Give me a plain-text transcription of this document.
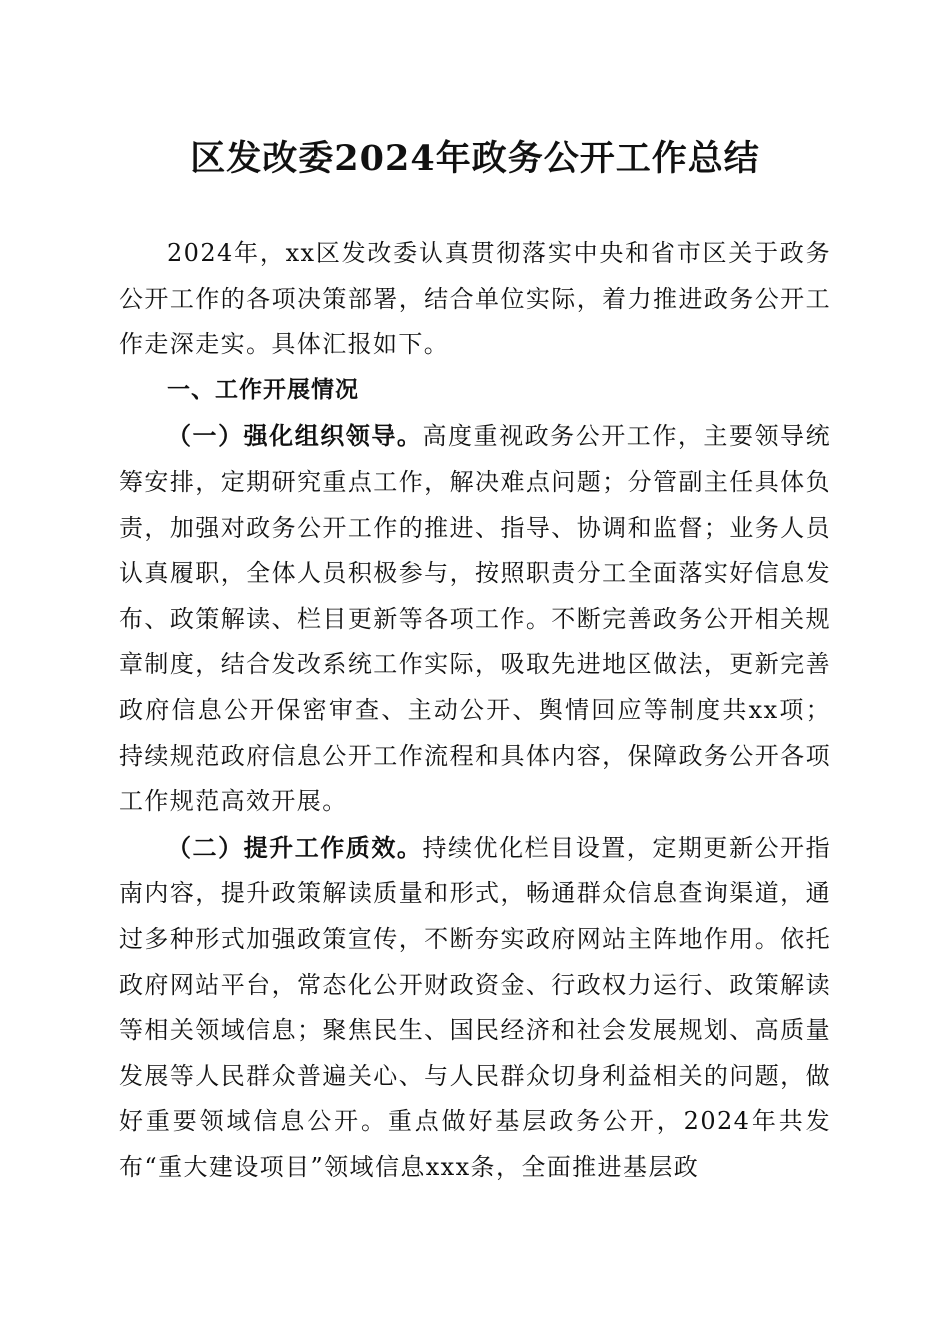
区发改委2024年政务公开工作总结

2024年，xx区发改委认真贯彻落实中央和省市区关于政务公开工作的各项决策部署，结合单位实际，着力推进政务公开工作走深走实。具体汇报如下。

一、工作开展情况

（一）强化组织领导。高度重视政务公开工作，主要领导统筹安排，定期研究重点工作，解决难点问题；分管副主任具体负责，加强对政务公开工作的推进、指导、协调和监督；业务人员认真履职，全体人员积极参与，按照职责分工全面落实好信息发布、政策解读、栏目更新等各项工作。不断完善政务公开相关规章制度，结合发改系统工作实际，吸取先进地区做法，更新完善政府信息公开保密审查、主动公开、舆情回应等制度共xx项；持续规范政府信息公开工作流程和具体内容，保障政务公开各项工作规范高效开展。

（二）提升工作质效。持续优化栏目设置，定期更新公开指南内容，提升政策解读质量和形式，畅通群众信息查询渠道，通过多种形式加强政策宣传，不断夯实政府网站主阵地作用。依托政府网站平台，常态化公开财政资金、行政权力运行、政策解读等相关领域信息；聚焦民生、国民经济和社会发展规划、高质量发展等人民群众普遍关心、与人民群众切身利益相关的问题，做好重要领域信息公开。重点做好基层政务公开，2024年共发布“重大建设项目”领域信息xxx条，全面推进基层政
